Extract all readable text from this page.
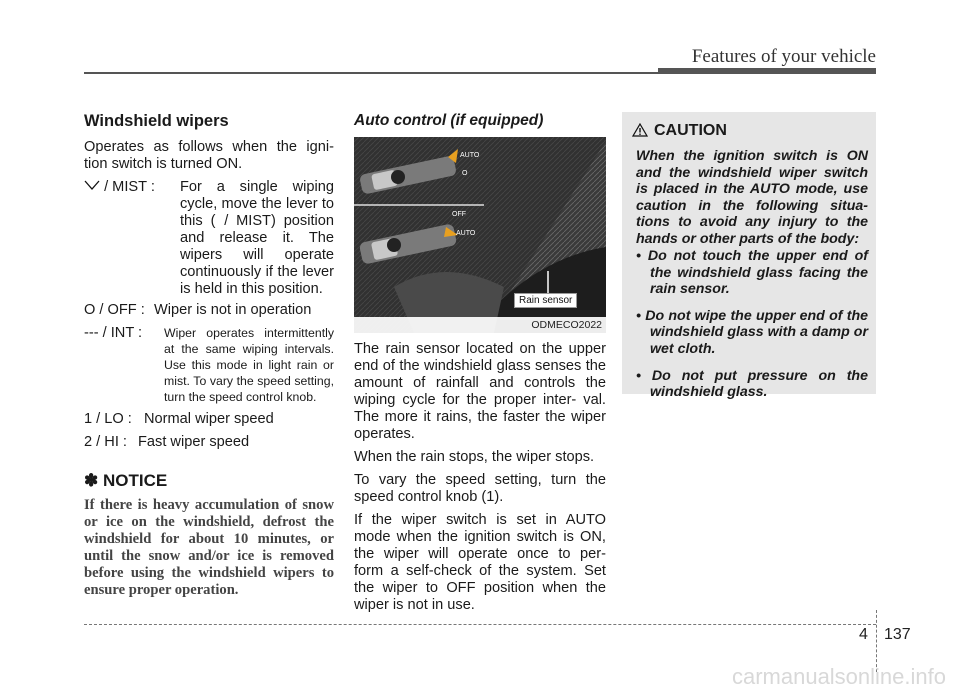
Features of your vehicle
Windshield wipers

Operates as follows when the igni- tion switch is turned ON.

/ MIST : For a single wiping cycle, move the lever to this (   / MIST) position and release it. The wipers will operate continuously if the lever is held in this position.
O / OFF : Wiper is not in operation
--- / INT : Wiper operates intermittently at the same wiping intervals. Use this mode in light rain or mist. To vary the speed setting, turn the speed control knob.
1 / LO : Normal wiper speed
2 / HI : Fast wiper speed
✽ NOTICE

If there is heavy accumulation of snow or ice on the windshield, defrost the windshield for about 10 minutes, or until the snow and/or ice is removed before using the windshield wipers to ensure proper operation.

Auto control (if equipped)
AUTO
O
OFF
AUTO
Rain sensor
ODMECO2022

The rain sensor located on the upper end of the windshield glass senses the amount of rainfall and controls the wiping cycle for the proper inter- val. The more it rains, the faster the wiper operates.

When the rain stops, the wiper stops.

To vary the speed setting, turn the speed control knob (1).

If the wiper switch is set in AUTO mode when the ignition switch is ON, the wiper will operate once to per- form a self-check of the system. Set the wiper to OFF position when the wiper is not in use.

CAUTION

When the ignition switch is ON and the windshield wiper switch is placed in the AUTO mode, use caution in the following situa- tions to avoid any injury to the hands or other parts of the body:

• Do not touch the upper end of the windshield glass facing the rain sensor.
• Do not wipe the upper end of the windshield glass with a damp or wet cloth.
• Do not put pressure on the windshield glass.
4 137
carmanualsonline.info
